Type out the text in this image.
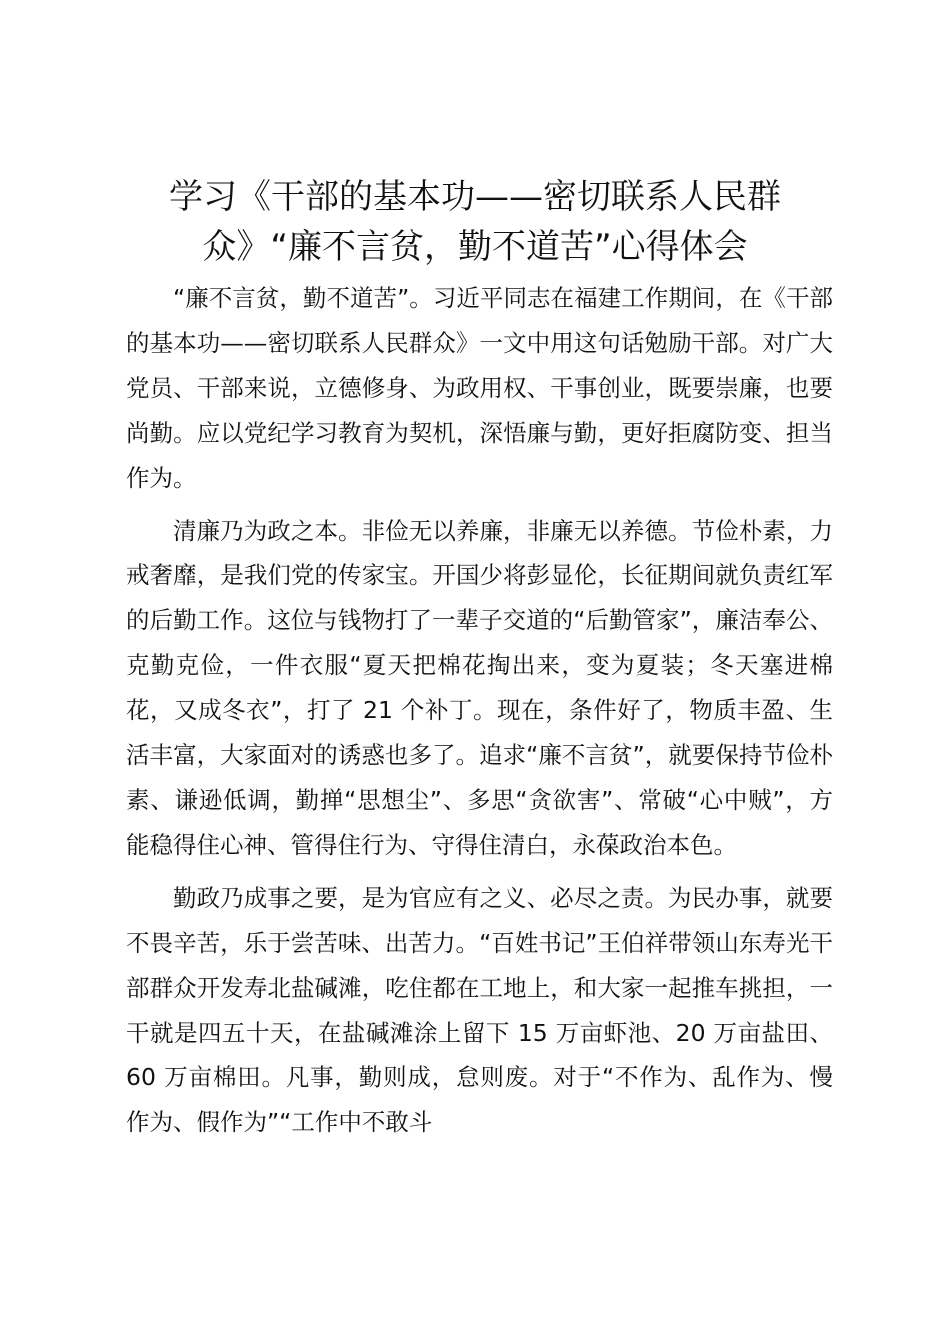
学习《干部的基本功——密切联系人民群众》“廉不言贫，勤不道苦”心得体会

“廉不言贫，勤不道苦”。习近平同志在福建工作期间，在《干部的基本功——密切联系人民群众》一文中用这句话勉励干部。对广大党员、干部来说，立德修身、为政用权、干事创业，既要崇廉，也要尚勤。应以党纪学习教育为契机，深悟廉与勤，更好拒腐防变、担当作为。

清廉乃为政之本。非俭无以养廉，非廉无以养德。节俭朴素，力戒奢靡，是我们党的传家宝。开国少将彭显伦，长征期间就负责红军的后勤工作。这位与钱物打了一辈子交道的“后勤管家”，廉洁奉公、克勤克俭，一件衣服“夏天把棉花掏出来，变为夏装；冬天塞进棉花，又成冬衣”，打了 21 个补丁。现在，条件好了，物质丰盈、生活丰富，大家面对的诱惑也多了。追求“廉不言贫”，就要保持节俭朴素、谦逊低调，勤掸“思想尘”、多思“贪欲害”、常破“心中贼”，方能稳得住心神、管得住行为、守得住清白，永葆政治本色。

勤政乃成事之要，是为官应有之义、必尽之责。为民办事，就要不畏辛苦，乐于尝苦味、出苦力。“百姓书记”王伯祥带领山东寿光干部群众开发寿北盐碱滩，吃住都在工地上，和大家一起推车挑担，一干就是四五十天，在盐碱滩涂上留下 15 万亩虾池、20 万亩盐田、60 万亩棉田。凡事，勤则成，怠则废。对于“不作为、乱作为、慢作为、假作为”“工作中不敢斗
